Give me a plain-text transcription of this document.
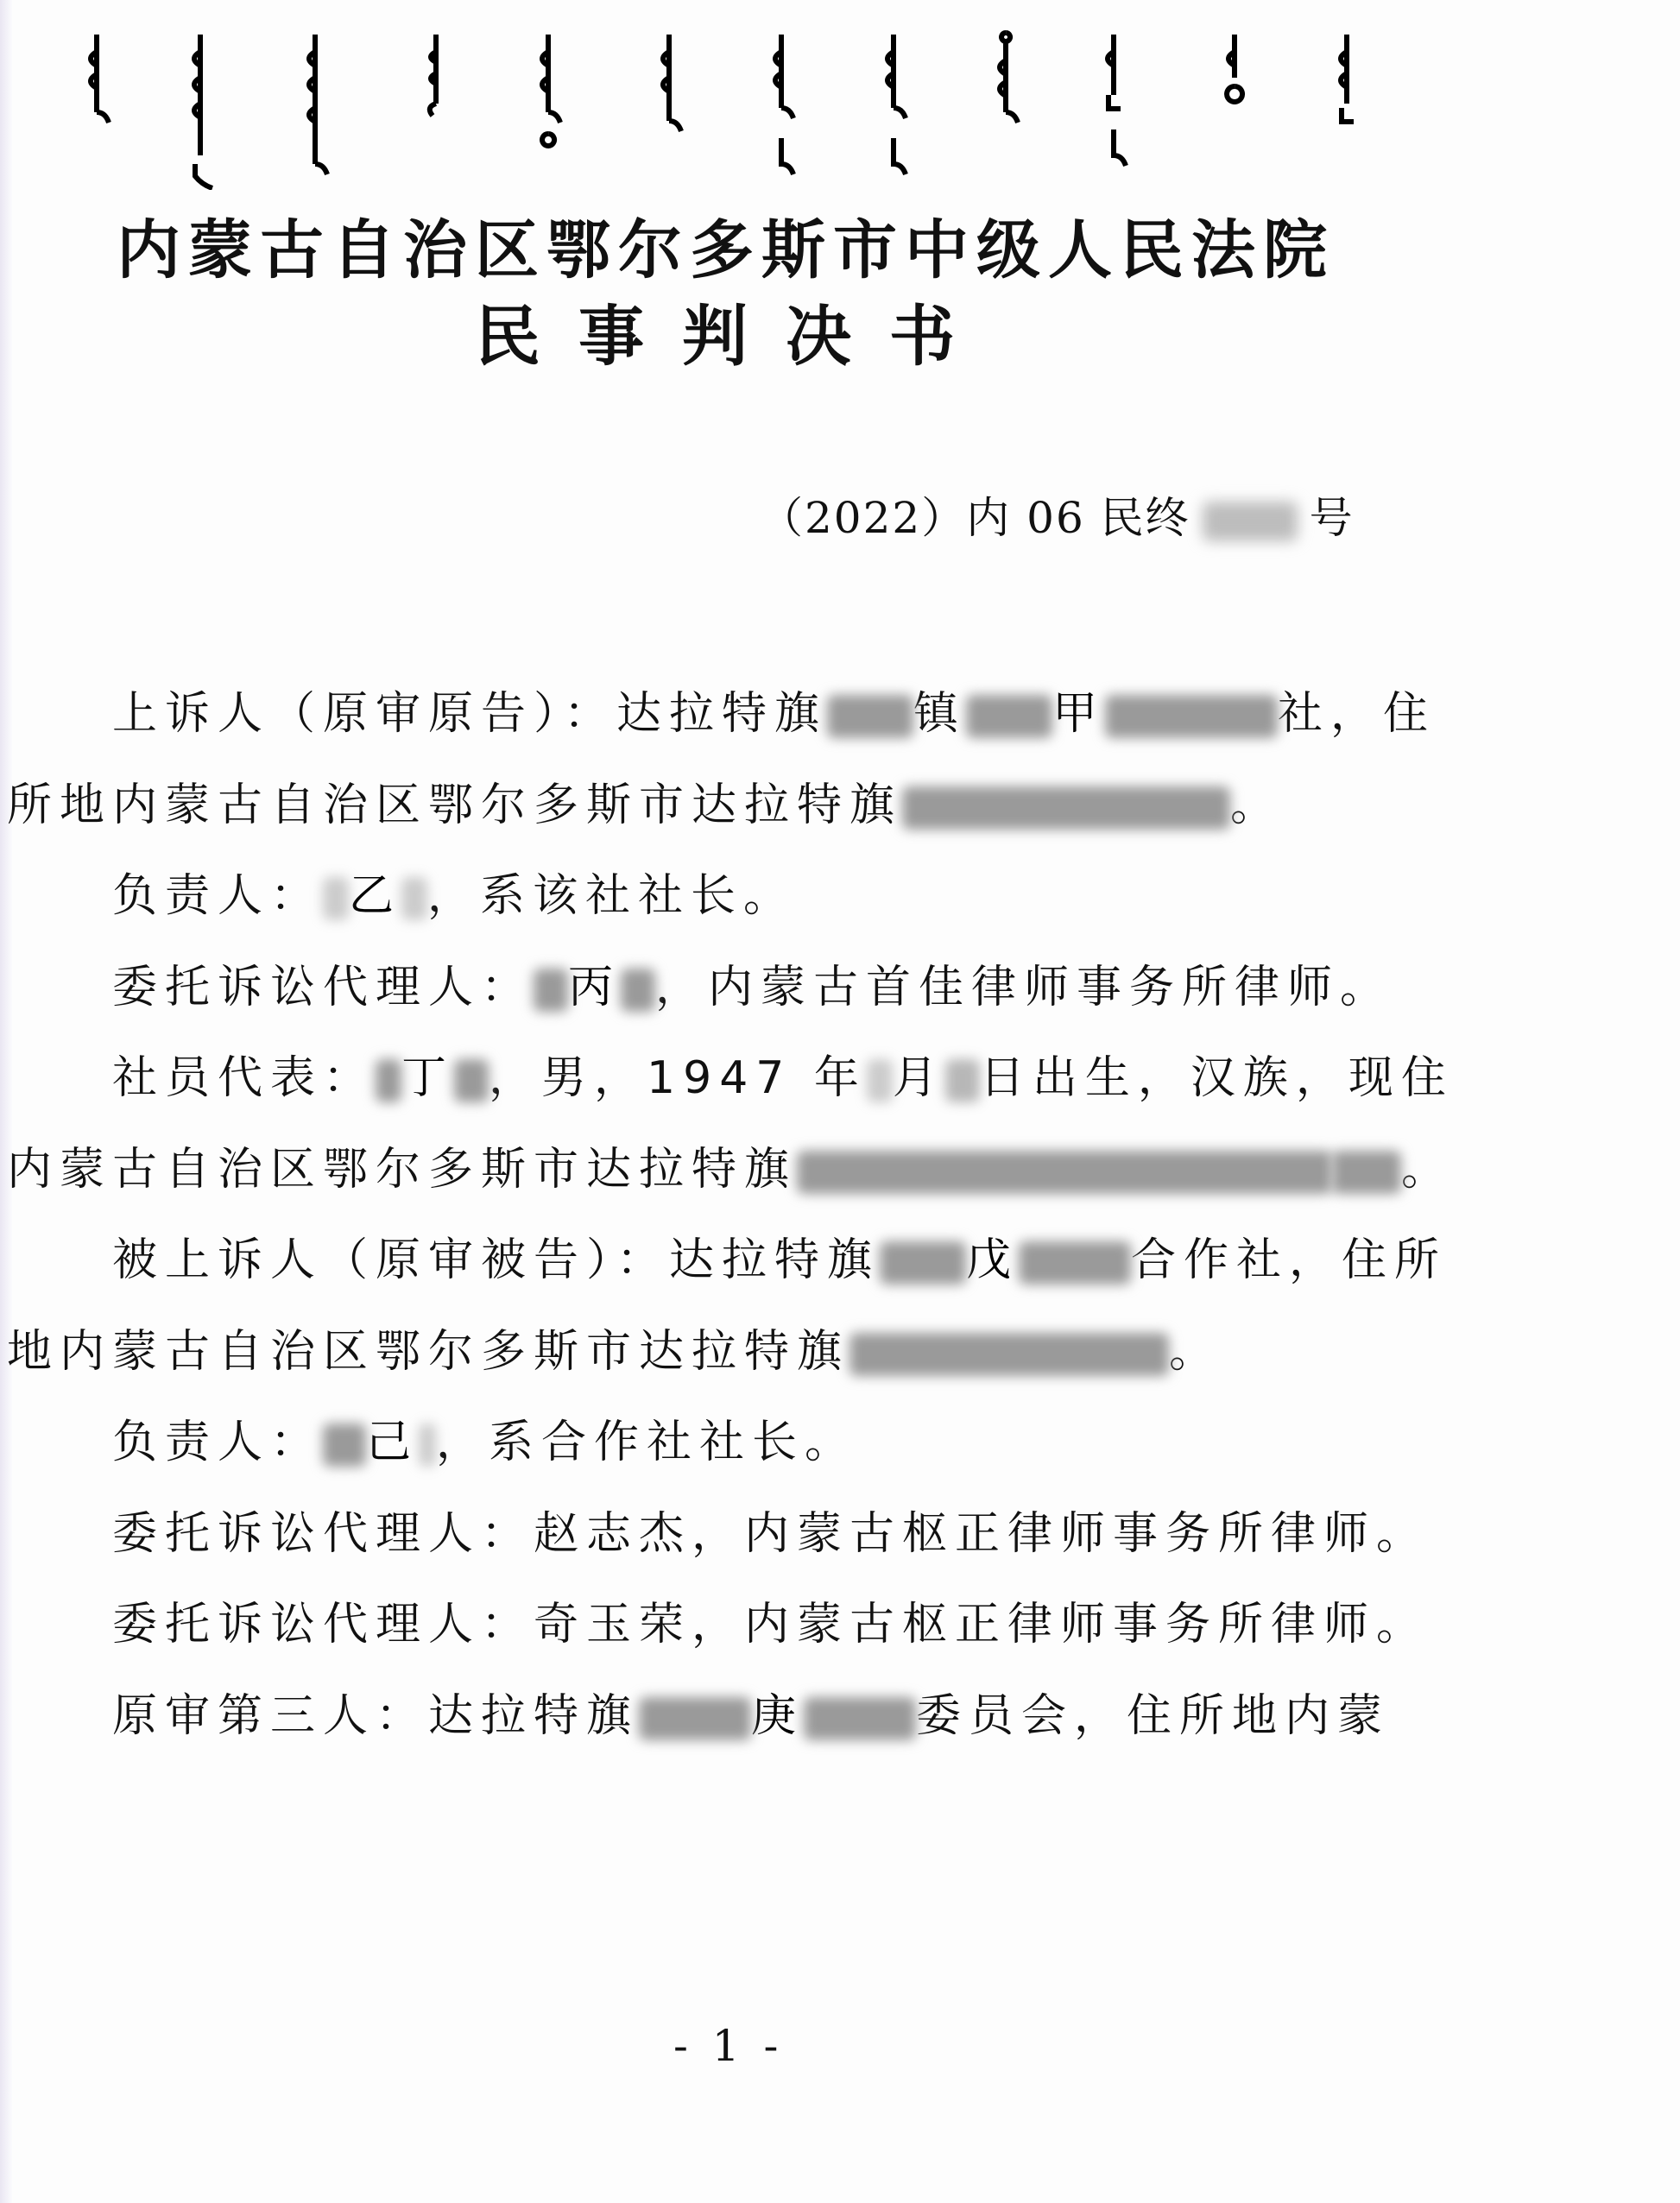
内蒙古自治区鄂尔多斯市中级人民法院
民事判决书
（2022）内 06 民终	号

上诉人（原审原告）：达拉特旗 镇 甲	社，住所地内蒙古自治区鄂尔多斯市达拉特旗	。

负责人： 乙 ，系该社社长。

委托诉讼代理人： 丙 ，内蒙古首佳律师事务所律师。

社员代表： 丁 ，男，1947 年 月 日出生，汉族，现住内蒙古自治区鄂尔多斯市达拉特旗	。

被上诉人（原审被告）：达拉特旗 戊	合作社，住所地内蒙古自治区鄂尔多斯市达拉特旗	。

负责人： 己 ，系合作社社长。

委托诉讼代理人：赵志杰，内蒙古枢正律师事务所律师。

委托诉讼代理人：奇玉荣，内蒙古枢正律师事务所律师。

原审第三人：达拉特旗	庚	委员会，住所地内蒙

- 1 -
